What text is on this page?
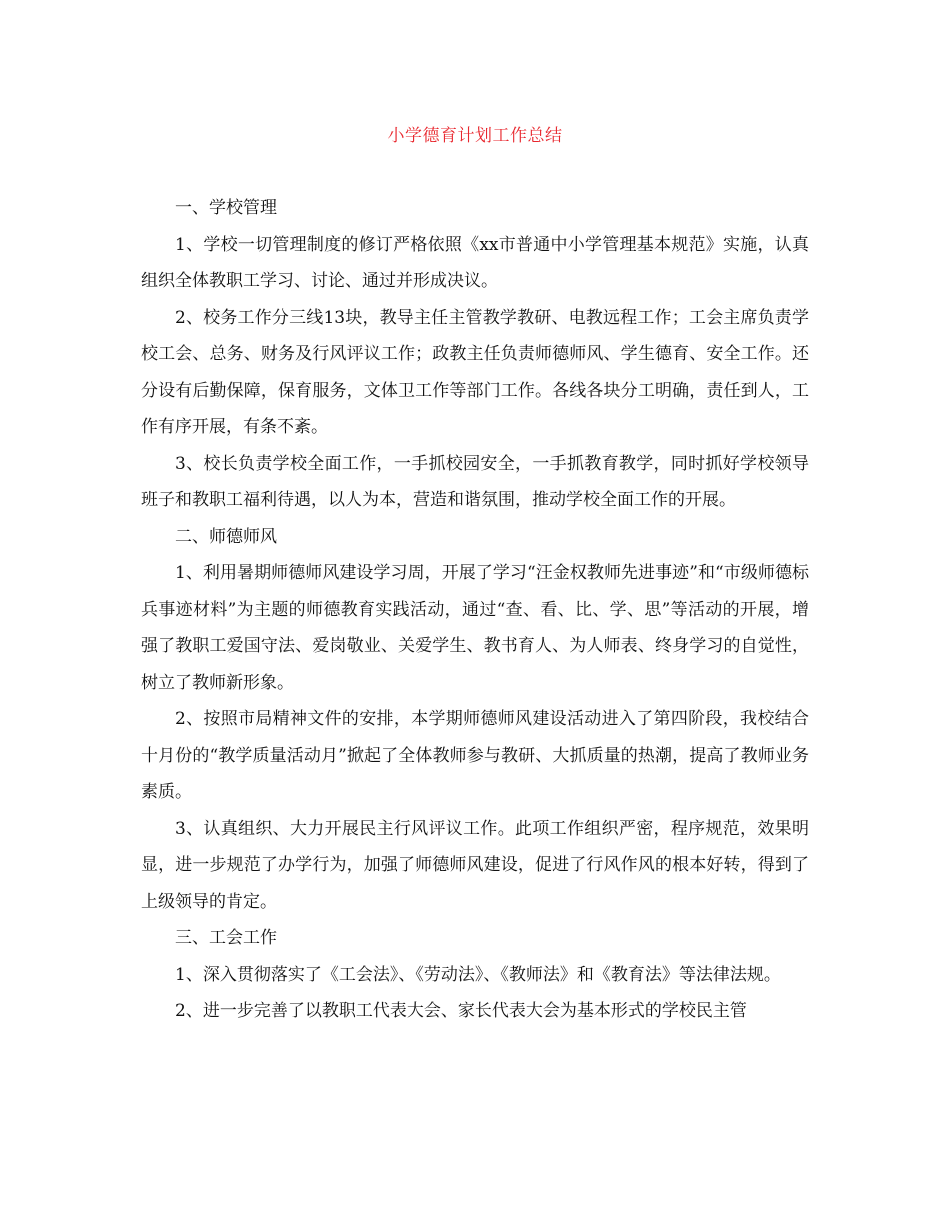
小学德育计划工作总结

一、学校管理

1、学校一切管理制度的修订严格依照《xx市普通中小学管理基本规范》实施，认真组织全体教职工学习、讨论、通过并形成决议。

2、校务工作分三线13块，教导主任主管教学教研、电教远程工作；工会主席负责学校工会、总务、财务及行风评议工作；政教主任负责师德师风、学生德育、安全工作。还分设有后勤保障，保育服务，文体卫工作等部门工作。各线各块分工明确，责任到人，工作有序开展，有条不紊。

3、校长负责学校全面工作，一手抓校园安全，一手抓教育教学，同时抓好学校领导班子和教职工福利待遇，以人为本，营造和谐氛围，推动学校全面工作的开展。

二、师德师风

1、利用暑期师德师风建设学习周，开展了学习“汪金权教师先进事迹”和“市级师德标兵事迹材料”为主题的师德教育实践活动，通过“查、看、比、学、思”等活动的开展，增强了教职工爱国守法、爱岗敬业、关爱学生、教书育人、为人师表、终身学习的自觉性，树立了教师新形象。

2、按照市局精神文件的安排，本学期师德师风建设活动进入了第四阶段，我校结合十月份的“教学质量活动月”掀起了全体教师参与教研、大抓质量的热潮，提高了教师业务素质。

3、认真组织、大力开展民主行风评议工作。此项工作组织严密，程序规范，效果明显，进一步规范了办学行为，加强了师德师风建设，促进了行风作风的根本好转，得到了上级领导的肯定。

三、工会工作

1、深入贯彻落实了《工会法》、《劳动法》、《教师法》和《教育法》等法律法规。

2、进一步完善了以教职工代表大会、家长代表大会为基本形式的学校民主管
